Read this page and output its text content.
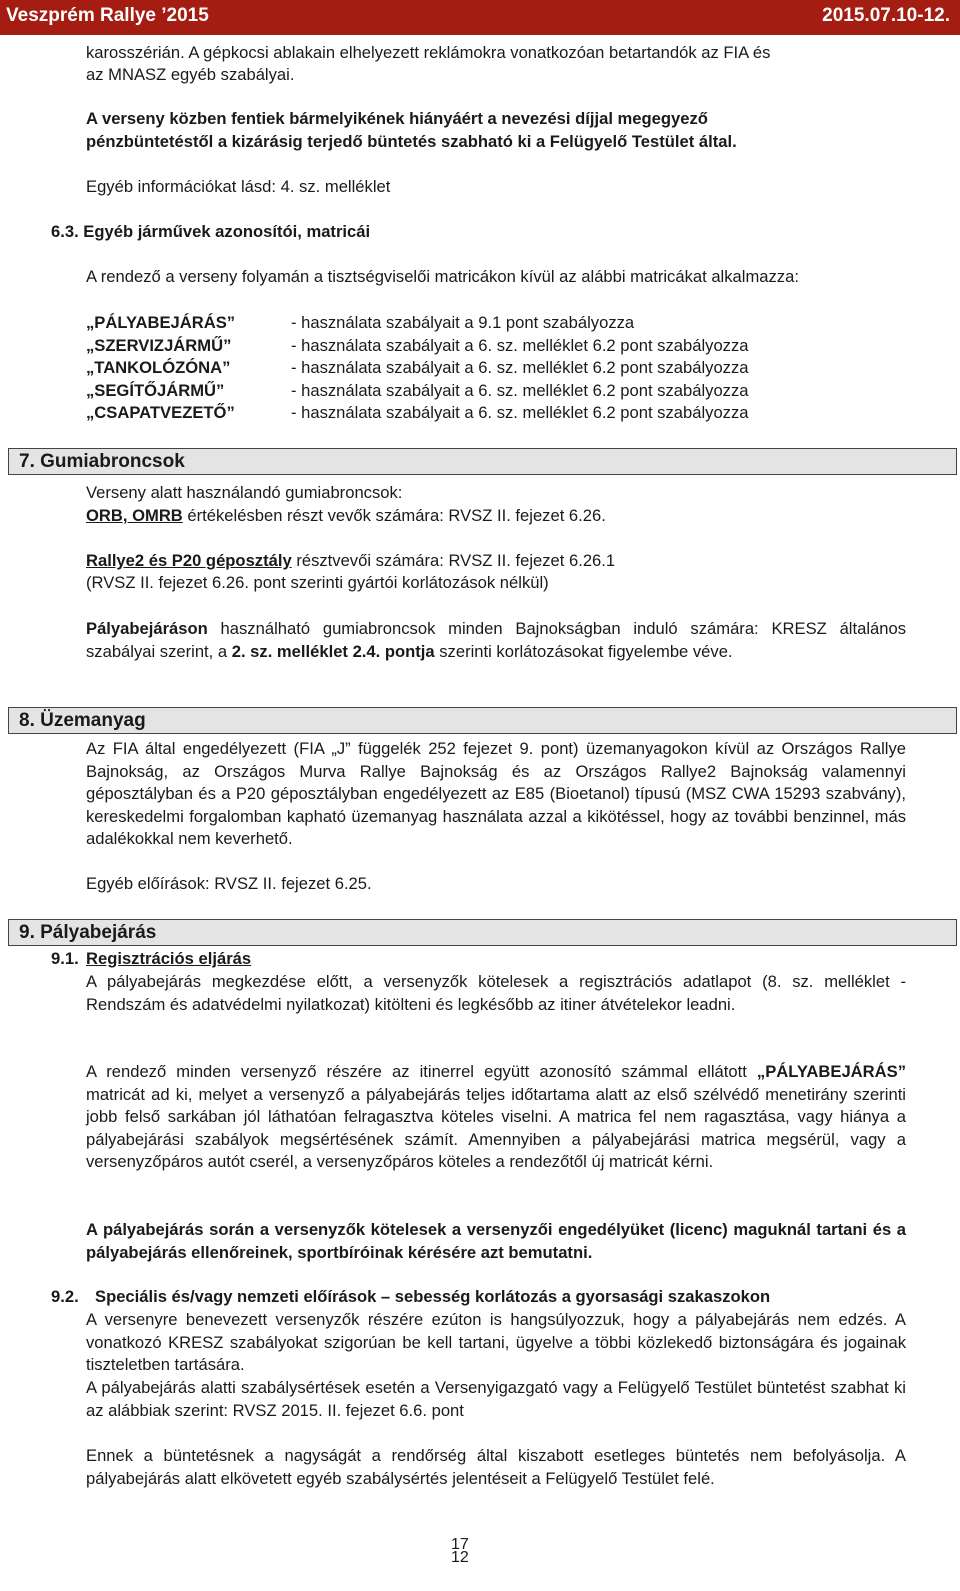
Veszprém Rallye ’2015	2015.07.10-12.
karosszérián. A gépkocsi ablakain elhelyezett reklámokra vonatkozóan betartandók az FIA és
az MNASZ egyéb szabályai.
A verseny közben fentiek bármelyikének hiányáért a nevezési díjjal megegyező
pénzbüntetéstől a kizárásig terjedő büntetés szabható ki a Felügyelő Testület által.
Egyéb információkat lásd: 4. sz. melléklet
6.3. Egyéb járművek azonosítói, matricái
A rendező a verseny folyamán a tisztségviselői matricákon kívül az alábbi matricákat alkalmazza:
„PÁLYABEJÁRÁS”	- használata szabályait a 9.1 pont szabályozza
„SZERVIZJÁRMŰ”	- használata szabályait a 6. sz. melléklet 6.2 pont szabályozza
„TANKOLÓZÓNA”	- használata szabályait a 6. sz. melléklet 6.2 pont szabályozza
„SEGÍTŐJÁRMŰ”	- használata szabályait a 6. sz. melléklet 6.2 pont szabályozza
„CSAPATVEZETŐ”	- használata szabályait a 6. sz. melléklet 6.2 pont szabályozza
7. Gumiabroncsok
Verseny alatt használandó gumiabroncsok:
ORB, OMRB értékelésben részt vevők számára: RVSZ II. fejezet 6.26.
Rallye2 és P20 géposztály résztvevői számára: RVSZ II. fejezet 6.26.1
(RVSZ II. fejezet 6.26. pont szerinti gyártói korlátozások nélkül)
Pályabejáráson használható gumiabroncsok minden Bajnokságban induló számára: KRESZ általános szabályai szerint, a 2. sz. melléklet 2.4. pontja szerinti korlátozásokat figyelembe véve.
8. Üzemanyag
Az FIA által engedélyezett (FIA „J” függelék 252 fejezet 9. pont) üzemanyagokon kívül az Országos Rallye Bajnokság, az Országos Murva Rallye Bajnokság és az Országos Rallye2 Bajnokság valamennyi géposztályban és a P20 géposztályban engedélyezett az E85 (Bioetanol) típusú (MSZ CWA 15293 szabvány), kereskedelmi forgalomban kapható üzemanyag használata azzal a kikötéssel, hogy az további benzinnel, más adalékokkal nem keverhető.
Egyéb előírások: RVSZ II. fejezet 6.25.
9. Pályabejárás
9.1. Regisztrációs eljárás
A pályabejárás megkezdése előtt, a versenyzők kötelesek a regisztrációs adatlapot (8. sz. melléklet - Rendszám és adatvédelmi nyilatkozat) kitölteni és legkésőbb az itiner átvételekor leadni.
A rendező minden versenyző részére az itinerrel együtt azonosító számmal ellátott „PÁLYABEJÁRÁS” matricát ad ki, melyet a versenyző a pályabejárás teljes időtartama alatt az első szélvédő menetirány szerinti jobb felső sarkában jól láthatóan felragasztva köteles viselni. A matrica fel nem ragasztása, vagy hiánya a pályabejárási szabályok megsértésének számít. Amennyiben a pályabejárási matrica megsérül, vagy a versenyzőpáros autót cserél, a versenyzőpáros köteles a rendezőtől új matricát kérni.
A pályabejárás során a versenyzők kötelesek a versenyzői engedélyüket (licenc) maguknál tartani és a pályabejárás ellenőreinek, sportbíróinak kérésére azt bemutatni.
9.2. Speciális és/vagy nemzeti előírások – sebesség korlátozás a gyorsasági szakaszokon
A versenyre benevezett versenyzők részére ezúton is hangsúlyozzuk, hogy a pályabejárás nem edzés. A vonatkozó KRESZ szabályokat szigorúan be kell tartani, ügyelve a többi közlekedő biztonságára és jogainak tiszteletben tartására.
A pályabejárás alatti szabálysértések esetén a Versenyigazgató vagy a Felügyelő Testület büntetést szabhat ki az alábbiak szerint: RVSZ 2015. II. fejezet 6.6. pont
Ennek a büntetésnek a nagyságát a rendőrség által kiszabott esetleges büntetés nem befolyásolja. A pályabejárás alatt elkövetett egyéb szabálysértés jelentéseit a Felügyelő Testület felé.
17
12
